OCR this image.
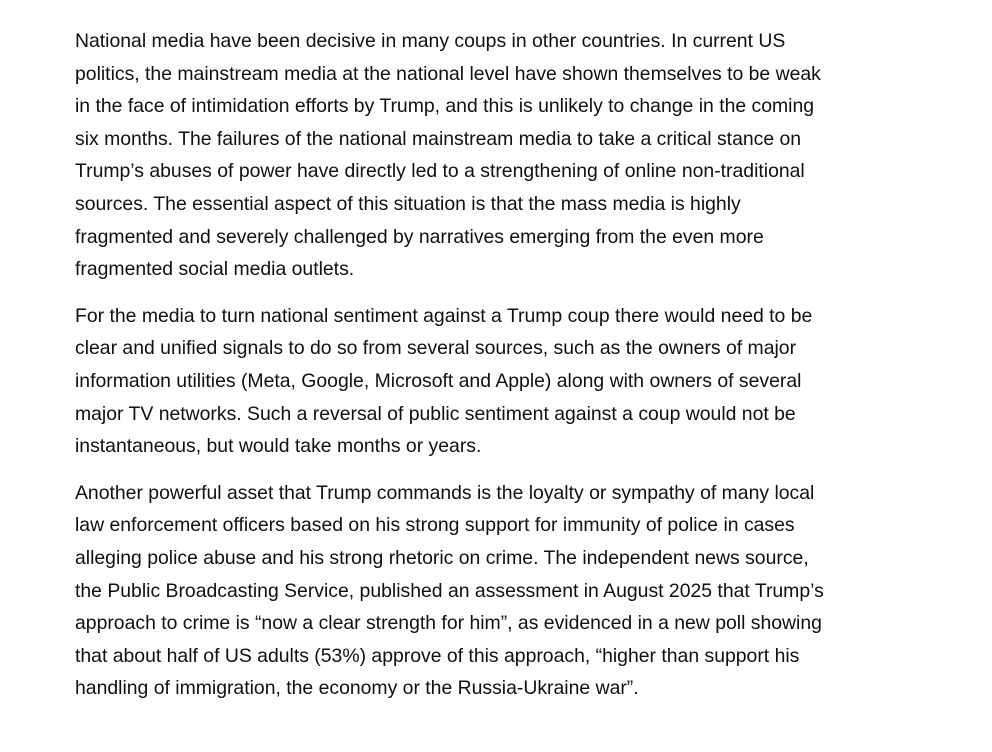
National media have been decisive in many coups in other countries. In current US
politics, the mainstream media at the national level have shown themselves to be weak
in the face of intimidation efforts by Trump, and this is unlikely to change in the coming
six months. The failures of the national mainstream media to take a critical stance on
Trump’s abuses of power have directly led to a strengthening of online non-traditional
sources. The essential aspect of this situation is that the mass media is highly
fragmented and severely challenged by narratives emerging from the even more
fragmented social media outlets.

For the media to turn national sentiment against a Trump coup there would need to be
clear and unified signals to do so from several sources, such as the owners of major
information utilities (Meta, Google, Microsoft and Apple) along with owners of several
major TV networks. Such a reversal of public sentiment against a coup would not be
instantaneous, but would take months or years.

Another powerful asset that Trump commands is the loyalty or sympathy of many local
law enforcement officers based on his strong support for immunity of police in cases
alleging police abuse and his strong rhetoric on crime. The independent news source,
the Public Broadcasting Service, published an assessment in August 2025 that Trump’s
approach to crime is “now a clear strength for him”, as evidenced in a new poll showing
that about half of US adults (53%) approve of this approach, “higher than support his
handling of immigration, the economy or the Russia-Ukraine war”.
